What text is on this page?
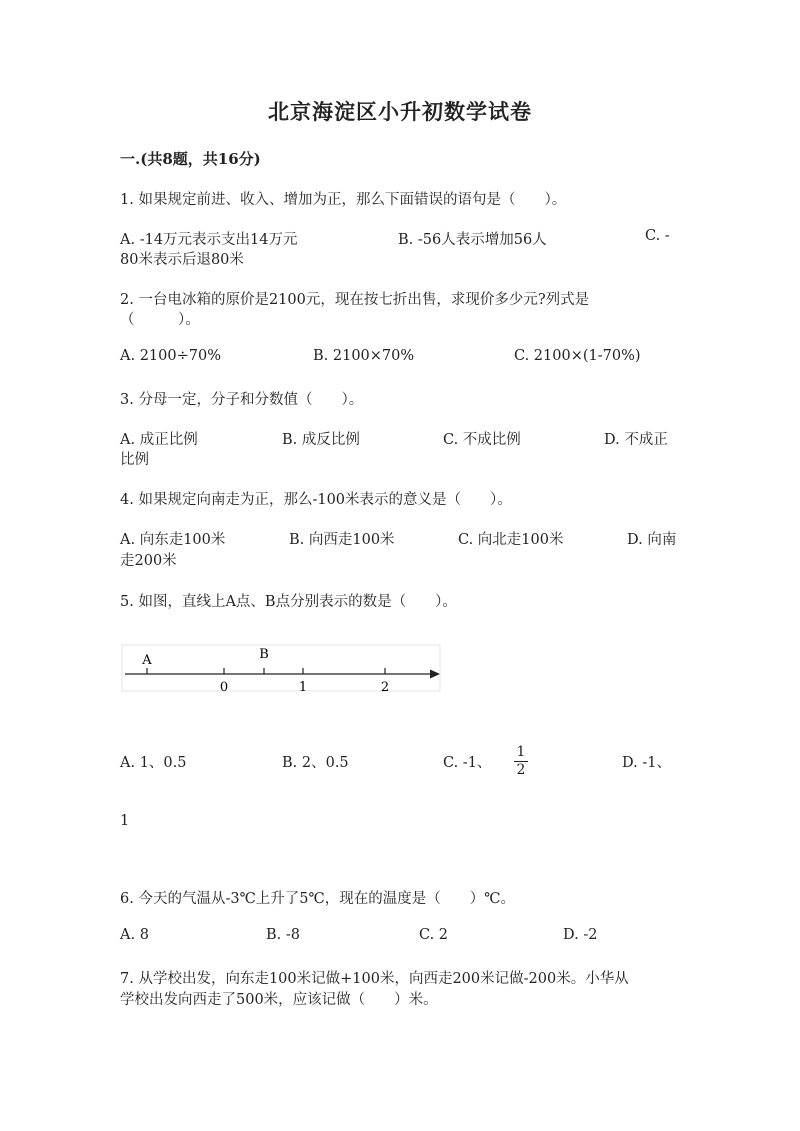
北京海淀区小升初数学试卷
一.(共8题，共16分)
1. 如果规定前进、收入、增加为正，那么下面错误的语句是（　　）。
A. -14万元表示支出14万元	B. -56人表示增加56人	C. -
80米表示后退80米
2. 一台电冰箱的原价是2100元，现在按七折出售，求现价多少元?列式是
（　　　）。
A. 2100÷70%	B. 2100×70%	C. 2100×(1-70%)
3. 分母一定，分子和分数值（　　）。
A. 成正比例	B. 成反比例	C. 不成比例	D. 不成正
比例
4. 如果规定向南走为正，那么-100米表示的意义是（　　）。
A. 向东走100米	B. 向西走100米	C. 向北走100米	D. 向南
走200米
5. 如图，直线上A点、B点分别表示的数是（　　）。
A	B
0	1	2
A. 1、0.5	B. 2、0.5	C. -1、
1
2	D. -1、
1
6. 今天的气温从-3℃上升了5℃，现在的温度是（　　）℃。
A. 8	B. -8	C. 2	D. -2
7. 从学校出发，向东走100米记做+100米，向西走200米记做-200米。小华从
学校出发向西走了500米，应该记做（　　）米。
